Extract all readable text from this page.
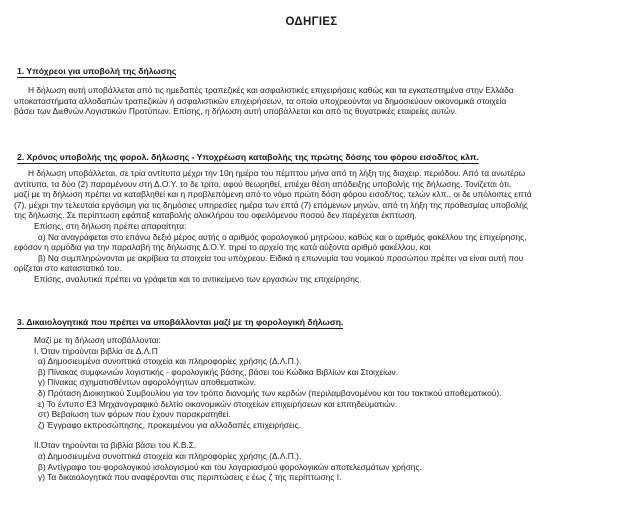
ΟΔΗΓΙΕΣ
1. Υπόχρεοι για υποβολή της δήλωσης
Η δήλωση αυτή υποβάλλεται από τις ημεδαπές τραπεζικές και ασφαλιστικές επιχειρήσεις καθώς και τα εγκατεστημένα στην Ελλάδα
υποκαταστήματα αλλοδαπών τραπεζικών ή ασφαλιστικών επιχειρήσεων, τα οποία υποχρεούνται να δημοσιεύουν οικονομικά στοιχεία
βάσει των Διεθνών Λογιστικών Προτύπων. Επίσης, η δήλωση αυτή υποβάλλεται και από τις θυγατρικές εταιρείες αυτών.
2. Χρόνος υποβολής της φορολ. δήλωσης - Υποχρέωση καταβολής της πρώτης δόσης του φόρου εισοδ/τος κλπ.
Η δήλωση υποβάλλεται, σε τρία αντίτυπα μέχρι την 10η ημέρα του πέμπτου μήνα από τη λήξη της διαχειρ. περιόδου. Από τα ανωτέρω
αντίτυπα, τα δύο (2) παραμένουν στη Δ.Ο.Υ. το δε τρίτο, αφού θεωρηθεί, επιέχει θέση απόδειξης υποβολής της δήλωσης. Τονίζεται ότι,
μαζί με τη δήλωση πρέπει να καταβληθεί και η προβλεπόμενη από το νόμο πρώτη δόση φόρου εισοδ/τος, τελών κλπ., οι δε υπόλοιπες επτά
(7), μέχρι την τελευταία εργάσιμη για τις δημόσιες υπηρεσίες ημέρα των επτά (7) επόμενων μηνών, από τη λήξη της προθεσμίας υποβολής
της δήλωσης. Σε περίπτωση εφάπαξ καταβολής ολοκλήρου του οφειλόμενου ποσού δεν παρέχεται έκπτωση.
Επίσης, στη δήλωση πρέπει απαραίτητα:
α) Να αναγράφεται στο επάνω δεξιό μέρος αυτής ο αριθμός φορολογικού μητρώου, καθώς και ο αριθμός φακέλλου της επιχείρησης,
εφόσον η αρμόδια για την παραλαβή της δήλωσης Δ.Ο.Υ. τηρεί το αρχείο της κατά αύξοντα αριθμό φακέλλου, και
β) Να συμπληρώνονται με ακρίβεια τα στοιχεία του υπόχρεου. Ειδικά η επωνυμία του νομικού προσώπου πρέπει να είναι αυτή που
ορίζεται στο καταστατικό του.
Επίσης, αναλυτικά πρέπει να γράφεται και το αντικείμενο των εργασιών της επιχείρησης.
3. Δικαιολογητικά που πρέπει να υποβάλλονται μαζί με τη φορολογική δήλωση.
Μαζί με τη δήλωση υποβάλλονται:
Ι. Όταν τηρούνται βιβλία σε Δ.Λ.Π
α) Δημοσιευμένα συνοπτικά στοιχεία και πληροφορίες χρήσης (Δ.Λ.Π.).
β) Πίνακας συμφωνιών λογιστικής - φορολογικής βάσης, βάσει του Κώδικα Βιβλίων και Στοιχείων.
γ) Πίνακας σχηματισθέντων αφορολόγητων αποθεματικών.
δ) Πρόταση Διοικητικού Συμβουλίου για τον τρόπο διανομής των κερδών (περιλαμβανομένου και του τακτικού αποθεματικού).
ε) Το έντυπο Ε3 Μηχανογραφικό δελτίο οικονομικών στοιχείων επιχειρήσεων και επιτηδευματιών.
στ) Βεβαίωση των φόρων που έχουν παρακρατηθεί.
ζ) Έγγραφο εκπροσώπησης, προκειμένου για αλλοδαπές επιχειρήσεις.
ΙΙ.Όταν τηρούνται τα βιβλία βάσει του Κ.Β.Σ.
α) Δημοσιευμένα συνοπτικά στοιχεία και πληροφορίες χρήσης (Δ.Λ.Π.).
β) Αντίγραφο του φορολογικού ισολογισμού και του λογαριασμού φορολογικών αποτελεσμάτων χρήσης.
γ) Τα δικαιολογητικά που αναφέρονται στις περιπτώσεις ε έως ζ της περίπτωσης Ι.
